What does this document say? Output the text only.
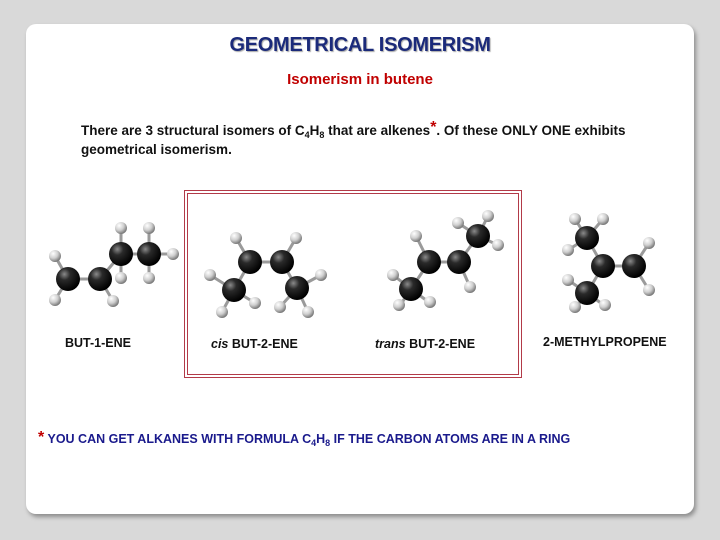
GEOMETRICAL ISOMERISM
Isomerism in butene
There are 3 structural isomers of $C_4H_8$ that are alkenes*. Of these ONLY ONE exhibits geometrical isomerism.
BUT-1-ENE	cis BUT-2-ENE	trans BUT-2-ENE	2-METHYLPROPENE
* YOU CAN GET ALKANES WITH FORMULA $C_4H_8$ IF THE CARBON ATOMS ARE IN A RING
